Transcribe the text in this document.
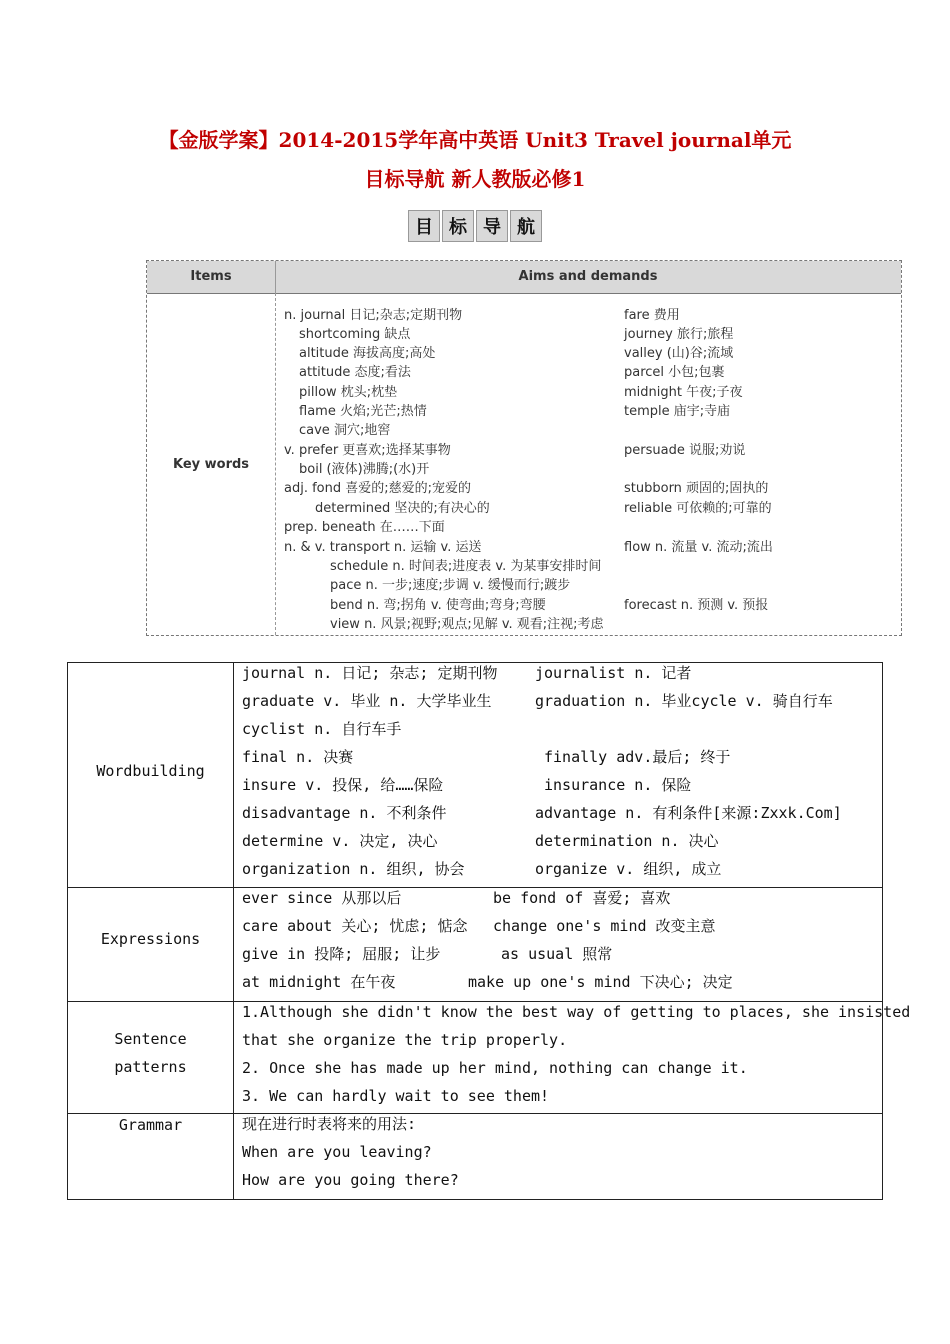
【金版学案】2014-2015学年高中英语 Unit3 Travel journal单元
目标导航 新人教版必修1
目 标 导 航
Items	Aims and demands
Key words
n. journal 日记;杂志;定期刊物	fare 费用
shortcoming 缺点	journey 旅行;旅程
altitude 海拔高度;高处	valley (山)谷;流域
attitude 态度;看法	parcel 小包;包裹
pillow 枕头;枕垫	midnight 午夜;子夜
flame 火焰;光芒;热情	temple 庙宇;寺庙
cave 洞穴;地窖
v. prefer 更喜欢;选择某事物	persuade 说服;劝说
boil (液体)沸腾;(水)开
adj. fond 喜爱的;慈爱的;宠爱的	stubborn 顽固的;固执的
determined 坚决的;有决心的	reliable 可依赖的;可靠的
prep. beneath 在……下面
n. & v. transport n. 运输 v. 运送	flow n. 流量 v. 流动;流出
schedule n. 时间表;进度表 v. 为某事安排时间
pace n. 一步;速度;步调 v. 缓慢而行;踱步
bend n. 弯;拐角 v. 使弯曲;弯身;弯腰	forecast n. 预测 v. 预报
view n. 风景;视野;观点;见解 v. 观看;注视;考虑
Wordbuilding
journal n. 日记; 杂志; 定期刊物	journalist n. 记者
graduate v. 毕业 n. 大学毕业生	graduation n. 毕业cycle v. 骑自行车
cyclist n. 自行车手
final n. 决赛	finally adv.最后; 终于
insure v. 投保, 给……保险	insurance n. 保险
disadvantage n. 不利条件	advantage n. 有利条件[来源:Zxxk.Com]
determine v. 决定, 决心	determination n. 决心
organization n. 组织, 协会	organize v. 组织, 成立
Expressions
ever since 从那以后	be fond of 喜爱; 喜欢
care about 关心; 忧虑; 惦念 change one's mind 改变主意
give in 投降; 屈服; 让步	as usual 照常
at midnight 在午夜	make up one's mind 下决心; 决定
Sentence
patterns
1.Although she didn't know the best way of getting to places, she insisted
that she organize the trip properly.
2. Once she has made up her mind, nothing can change it.
3. We can hardly wait to see them!
Grammar	现在进行时表将来的用法:
When are you leaving?
How are you going there?
